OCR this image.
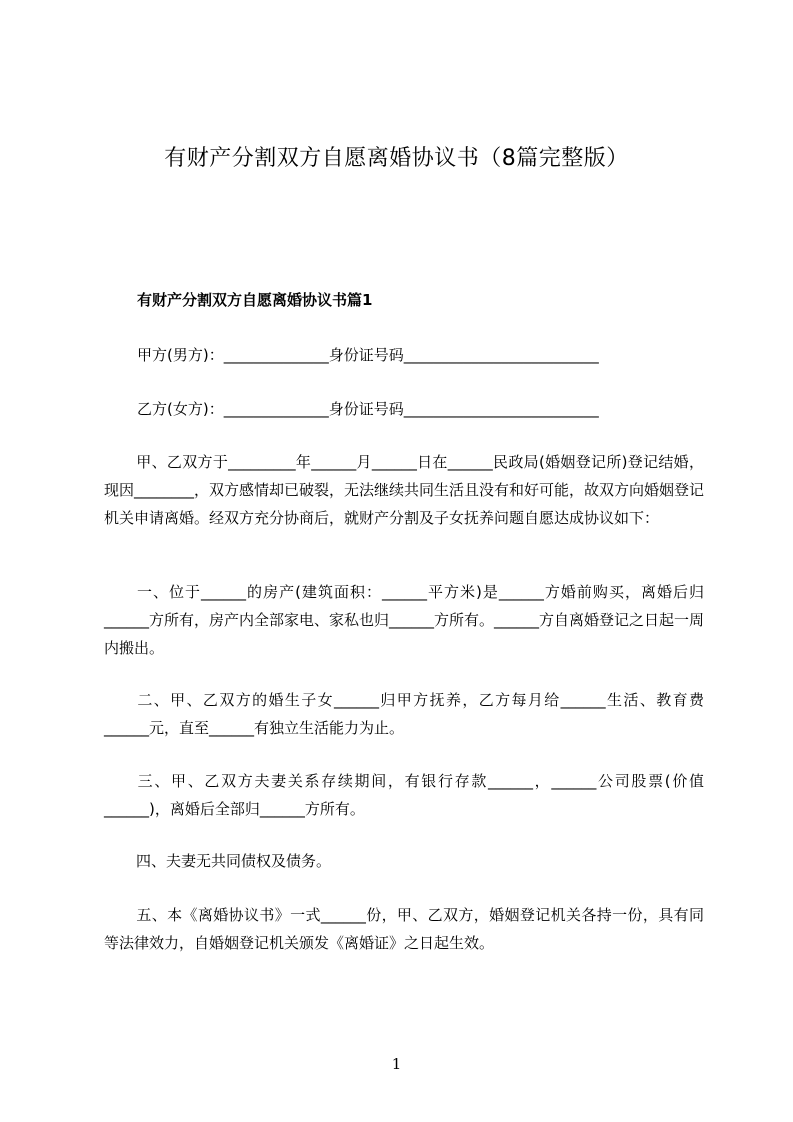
有财产分割双方自愿离婚协议书（8篇完整版）
有财产分割双方自愿离婚协议书篇1
甲方(男方)：______________身份证号码__________________________
乙方(女方)：______________身份证号码__________________________
甲、乙双方于_________年______月______日在______民政局(婚姻登记所)登记结婚，现因________，双方感情却已破裂，无法继续共同生活且没有和好可能，故双方向婚姻登记机关申请离婚。经双方充分协商后，就财产分割及子女抚养问题自愿达成协议如下：
一、位于______的房产(建筑面积：______平方米)是______方婚前购买，离婚后归______方所有，房产内全部家电、家私也归______方所有。______方自离婚登记之日起一周内搬出。
二、甲、乙双方的婚生子女______归甲方抚养，乙方每月给______生活、教育费______元，直至______有独立生活能力为止。
三、甲、乙双方夫妻关系存续期间，有银行存款______，______公司股票(价值______)，离婚后全部归______方所有。
四、夫妻无共同债权及债务。
五、本《离婚协议书》一式______份，甲、乙双方，婚姻登记机关各持一份，具有同等法律效力，自婚姻登记机关颁发《离婚证》之日起生效。
1
